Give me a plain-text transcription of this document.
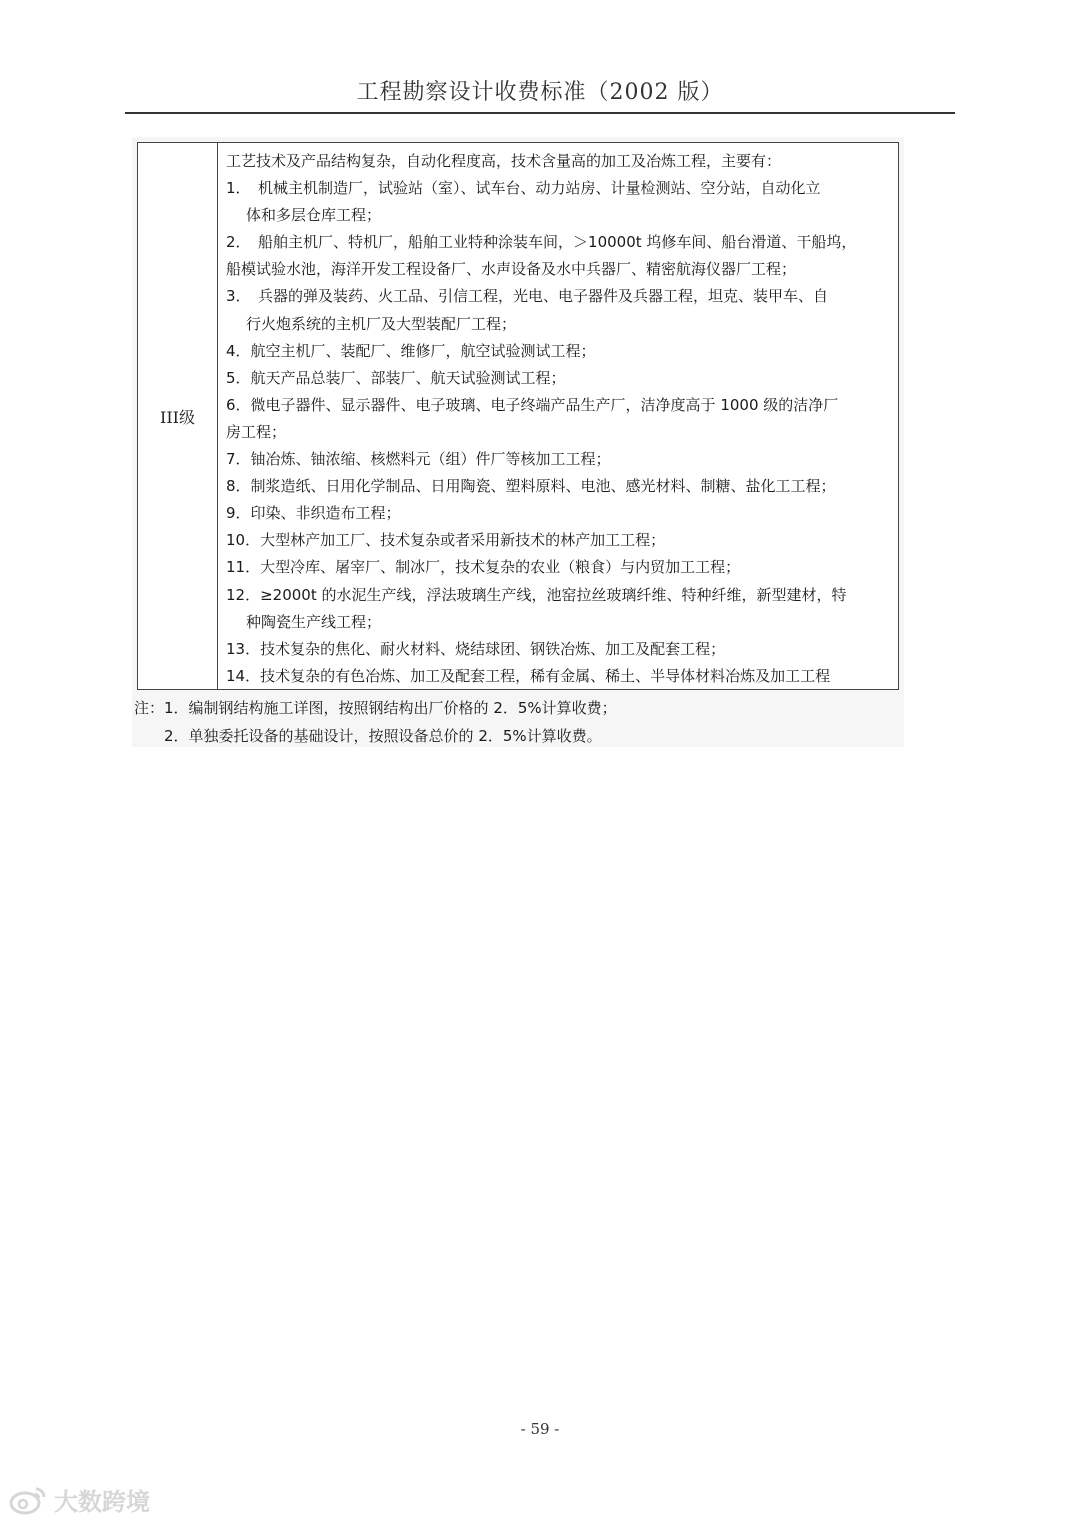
工程勘察设计收费标准（2002 版）
III级
工艺技术及产品结构复杂，自动化程度高，技术含量高的加工及冶炼工程，主要有：
1．　机械主机制造厂，试验站（室）、试车台、动力站房、计量检测站、空分站，自动化立
体和多层仓库工程；
2．　船舶主机厂、特机厂，船舶工业特种涂装车间，＞10000t 坞修车间、船台滑道、干船坞，
船模试验水池，海洋开发工程设备厂、水声设备及水中兵器厂、精密航海仪器厂工程；
3．　兵器的弹及装药、火工品、引信工程，光电、电子器件及兵器工程，坦克、装甲车、自
行火炮系统的主机厂及大型装配厂工程；
4．航空主机厂、装配厂、维修厂，航空试验测试工程；
5．航天产品总装厂、部装厂、航天试验测试工程；
6．微电子器件、显示器件、电子玻璃、电子终端产品生产厂，洁净度高于 1000 级的洁净厂
房工程；
7．铀冶炼、铀浓缩、核燃料元（组）件厂等核加工工程；
8．制浆造纸、日用化学制品、日用陶瓷、塑料原料、电池、感光材料、制糖、盐化工工程；
9．印染、非织造布工程；
10．大型林产加工厂、技术复杂或者采用新技术的林产加工工程；
11．大型冷库、屠宰厂、制冰厂，技术复杂的农业（粮食）与内贸加工工程；
12．≥2000t 的水泥生产线，浮法玻璃生产线，池窑拉丝玻璃纤维、特种纤维，新型建材，特
种陶瓷生产线工程；
13．技术复杂的焦化、耐火材料、烧结球团、钢铁冶炼、加工及配套工程；
14．技术复杂的有色冶炼、加工及配套工程，稀有金属、稀土、半导体材料冶炼及加工工程
注：1．编制钢结构施工详图，按照钢结构出厂价格的 2．5%计算收费；
2．单独委托设备的基础设计，按照设备总价的 2．5%计算收费。
- 59 -
大数跨境
